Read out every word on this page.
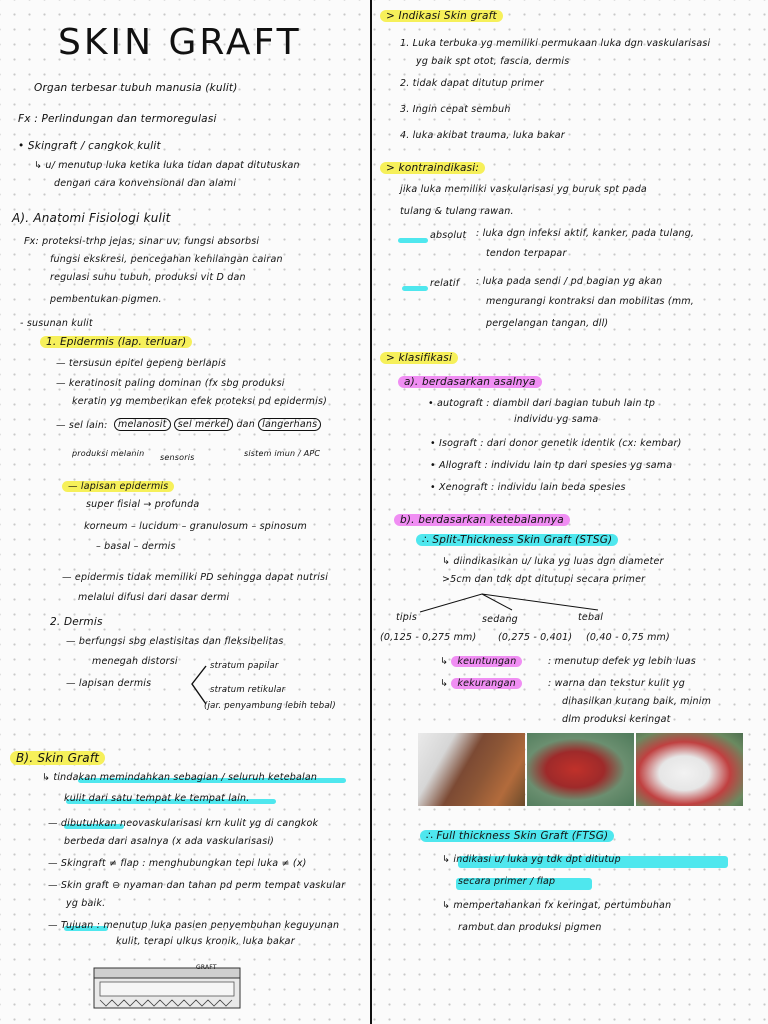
SKIN GRAFT
Organ terbesar tubuh manusia (kulit)
Fx : Perlindungan dan termoregulasi
• Skingraft / cangkok kulit
↳ u/ menutup luka ketika luka tidan dapat ditutuskan
dengan cara konvensional dan alami
A). Anatomi Fisiologi kulit
Fx: proteksi-trhp jejas, sinar uv, fungsi absorbsi
fungsi ekskresi, pencegahan kehilangan cairan
regulasi suhu tubuh, produksi vit D dan
pembentukan pigmen.
- susunan kulit
1. Epidermis (lap. terluar)
— tersusun epitel gepeng berlapis
— keratinosit paling dominan (fx sbg produksi
keratin yg memberikan efek proteksi pd epidermis)
— sel lain:	melanosit sel merkel dan langerhans
produksi melanin sensoris	sistem imun / APC
— lapisan epidermis
super fisial → profunda
korneum – lucidum – granulosum – spinosum
– basal – dermis
— epidermis tidak memiliki PD sehingga dapat nutrisi
melalui difusi dari dasar dermi
2. Dermis
— berfungsi sbg elastisitas dan fleksibelitas
menegah distorsi
— lapisan dermis
stratum papilar
stratum retikular
(jar. penyambung lebih tebal)
B). Skin Graft
↳ tindakan memindahkan sebagian / seluruh ketebalan
kulit dari satu tempat ke tempat lain.
— dibutuhkan neovaskularisasi krn kulit yg di cangkok
berbeda dari asalnya (x ada vaskularisasi)
— Skingraft ≠ flap : menghubungkan tepi luka ≠ (x)
— Skin graft ⊖ nyaman dan tahan pd perm tempat vaskular
yg baik.
— Tujuan : menutup luka pasien penyembuhan keguyunan
kulit, terapi ulkus kronik, luka bakar
GRAFT
> Indikasi Skin graft
1. Luka terbuka yg memiliki permukaan luka dgn vaskularisasi
yg baik spt otot, fascia, dermis
2. tidak dapat ditutup primer
3. Ingin cepat sembuh
4. luka akibat trauma, luka bakar
> kontraindikasi:
jika luka memiliki vaskularisasi yg buruk spt pada
tulang & tulang rawan.
absolut : luka dgn infeksi aktif, kanker, pada tulang,
tendon terpapar
relatif : luka pada sendi / pd bagian yg akan
mengurangi kontraksi dan mobilitas (mm,
pergelangan tangan, dll)
> klasifikasi
a). berdasarkan asalnya
• autograft : diambil dari bagian tubuh lain tp
individu yg sama
• Isograft : dari donor genetik identik (cx: kembar)
• Allograft : individu lain tp dari spesies yg sama
• Xenograft : individu lain beda spesies
b). berdasarkan ketebalannya
∴ Split-Thickness Skin Graft (STSG)
↳ diindikasikan u/ luka yg luas dgn diameter
>5cm dan tdk dpt ditutupi secara primer
tipis	sedang	tebal
(0,125 - 0,275 mm) (0,275 - 0,401) (0,40 - 0,75 mm)
↳ keuntungan	: menutup defek yg lebih luas
↳ kekurangan	: warna dan tekstur kulit yg
dihasilkan kurang baik, minim
dlm produksi keringat
∴ Full thickness Skin Graft (FTSG)
↳ indikasi u/ luka yg tdk dpt ditutup
secara primer / flap
↳ mempertahankan fx keringat, pertumbuhan
rambut dan produksi pigmen
